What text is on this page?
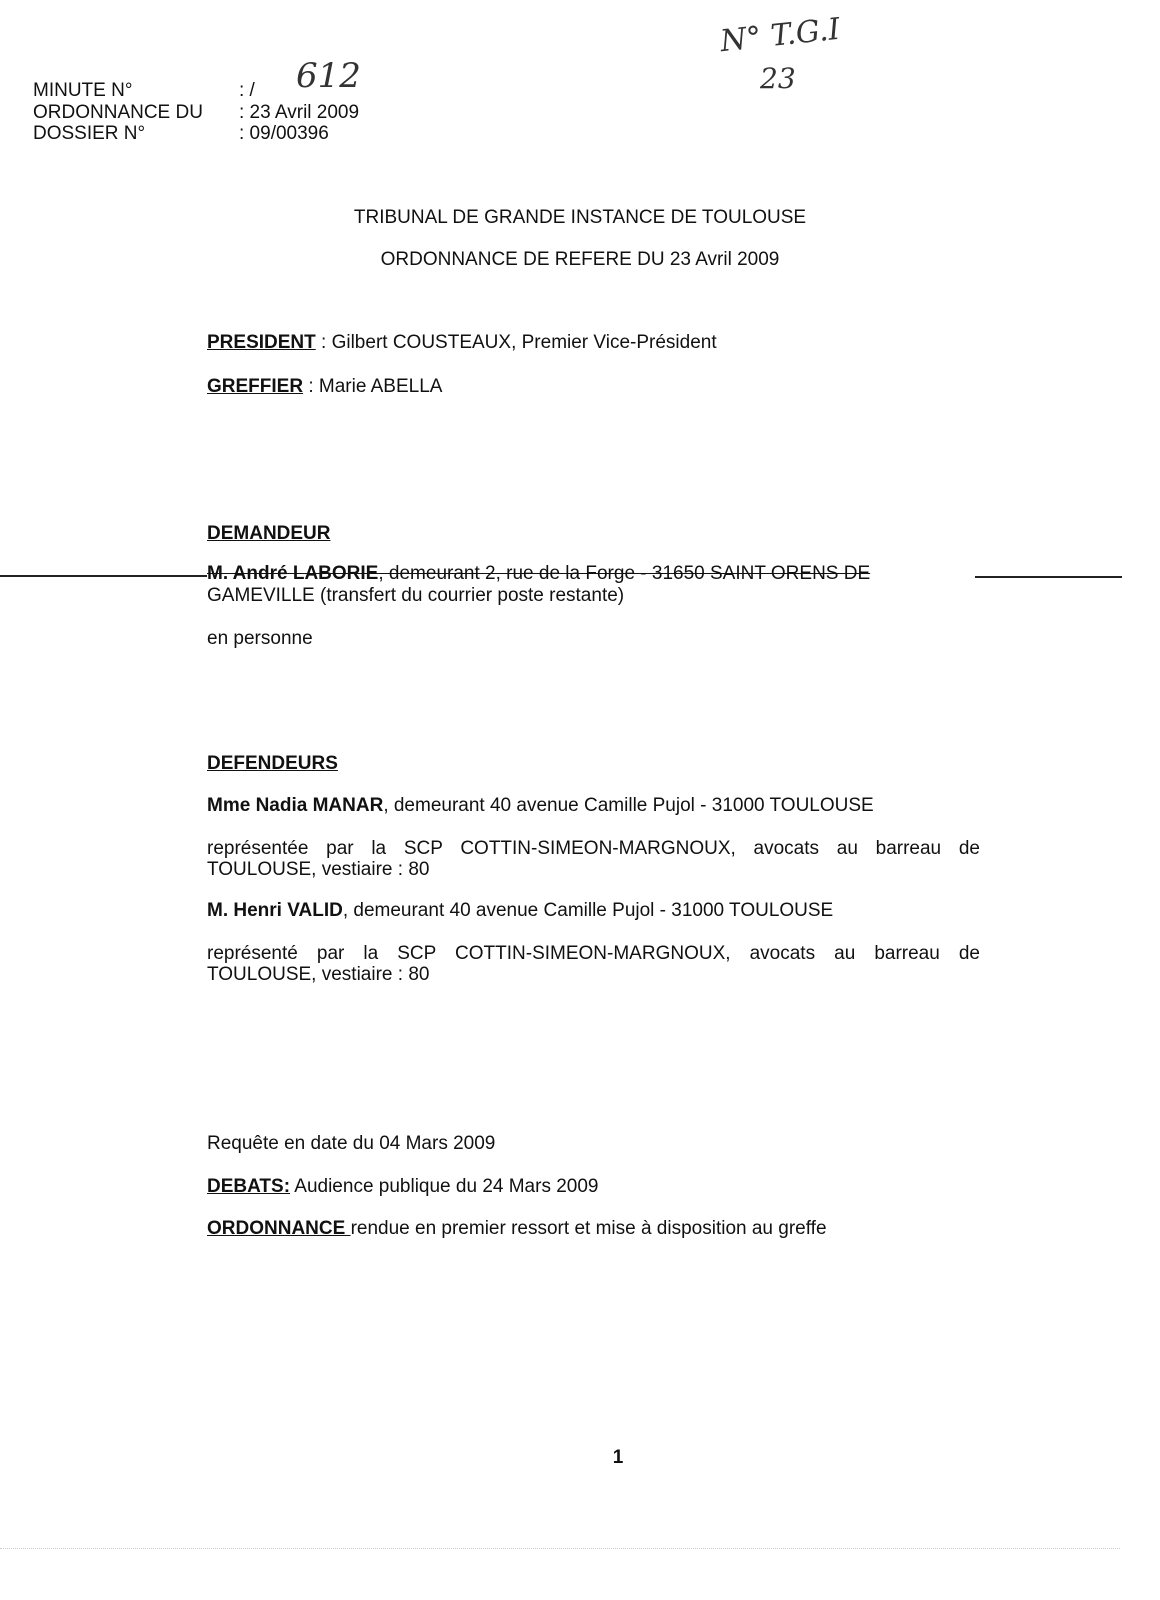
MINUTE N°	: / 612
ORDONNANCE DU : 23 Avril 2009
DOSSIER N°	: 09/00396
N° T.G.I
23
TRIBUNAL DE GRANDE INSTANCE DE TOULOUSE
ORDONNANCE DE REFERE DU 23 Avril 2009
PRESIDENT : Gilbert COUSTEAUX, Premier Vice-Président
GREFFIER : Marie ABELLA
DEMANDEUR
M. André LABORIE, demeurant 2, rue de la Forge - 31650 SAINT ORENS DE
GAMEVILLE (transfert du courrier poste restante)
en personne
DEFENDEURS
Mme Nadia MANAR, demeurant 40 avenue Camille Pujol - 31000 TOULOUSE
représentée par la SCP COTTIN-SIMEON-MARGNOUX, avocats au barreau de TOULOUSE, vestiaire : 80
M. Henri VALID, demeurant 40 avenue Camille Pujol - 31000 TOULOUSE
représenté par la SCP COTTIN-SIMEON-MARGNOUX, avocats au barreau de TOULOUSE, vestiaire : 80
Requête en date du 04 Mars 2009
DEBATS: Audience publique du 24 Mars 2009
ORDONNANCE rendue en premier ressort et mise à disposition au greffe
1
